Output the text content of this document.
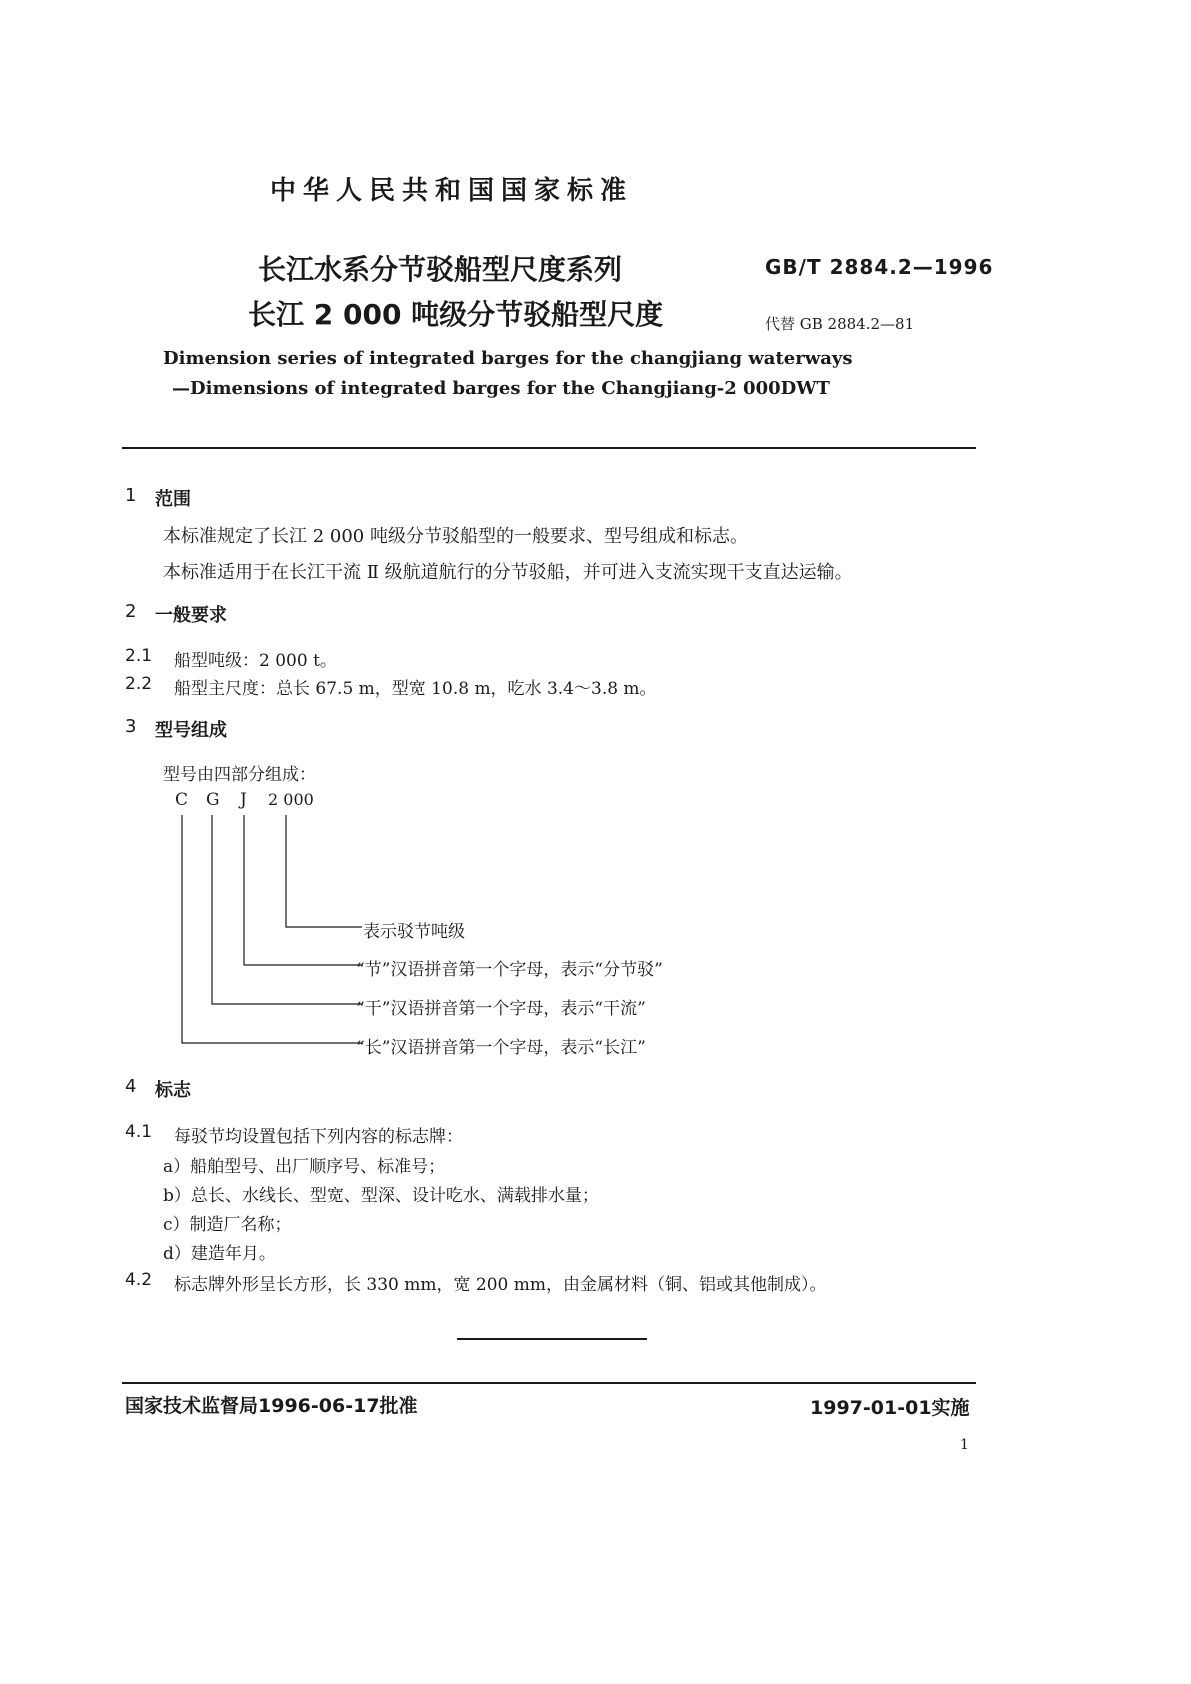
中华人民共和国国家标准
长江水系分节驳船型尺度系列
长江 2 000 吨级分节驳船型尺度
GB/T 2884.2—1996
代替 GB 2884.2—81
Dimension series of integrated barges for the changjiang waterways
—Dimensions of integrated barges for the Changjiang-2 000DWT
1 范围
本标准规定了长江 2 000 吨级分节驳船型的一般要求、型号组成和标志。
本标准适用于在长江干流 Ⅱ 级航道航行的分节驳船，并可进入支流实现干支直达运输。
2 一般要求
2.1 船型吨级：2 000 t。
2.2 船型主尺度：总长 67.5 m，型宽 10.8 m，吃水 3.4～3.8 m。
3 型号组成
型号由四部分组成：
C G J 2 000
表示驳节吨级
“节”汉语拼音第一个字母，表示“分节驳”
“干”汉语拼音第一个字母，表示“干流”
“长”汉语拼音第一个字母，表示“长江”
4 标志
4.1 每驳节均设置包括下列内容的标志牌：
a）船舶型号、出厂顺序号、标准号；
b）总长、水线长、型宽、型深、设计吃水、满载排水量；
c）制造厂名称；
d）建造年月。
4.2 标志牌外形呈长方形，长 330 mm，宽 200 mm，由金属材料（铜、铝或其他制成）。
国家技术监督局1996-06-17批准	1997-01-01实施
1
